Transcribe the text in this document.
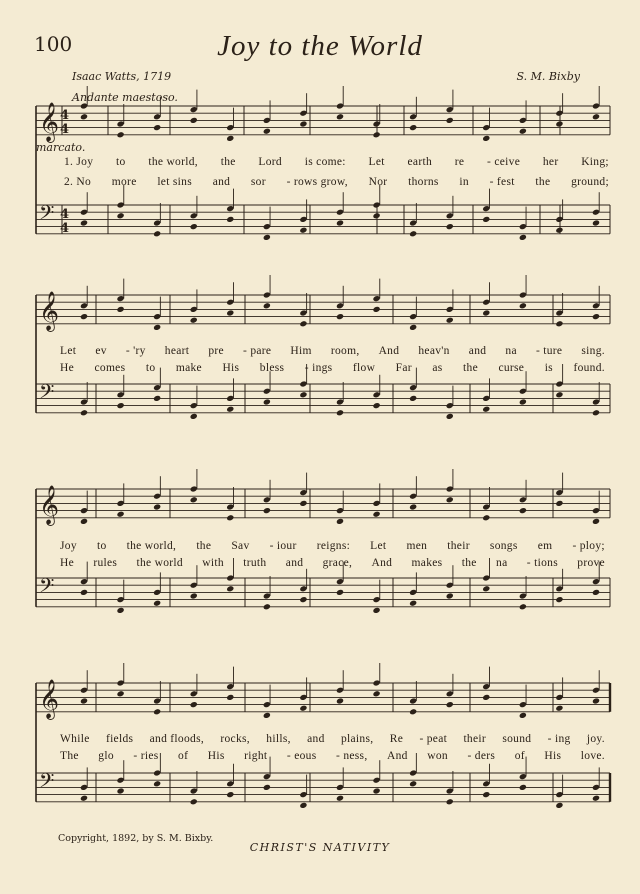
100	Joy to the World
Isaac Watts, 1719	S. M. Bixby
Andante maestoso.
marcato.
𝄞 4
4
𝄢 4
4
𝄞
𝄢
𝄞
𝄢
𝄞
𝄢
1. Joy to the world, the Lord is come: Let earth re - ceive her King;
2. No more let sins and sor - rows grow, Nor thorns in - fest the ground;
Let ev - 'ry heart pre - pare Him room, And heav'n and na - ture sing.
He comes to make His bless - ings flow Far as the curse is found.
Joy to the world, the Sav - iour reigns: Let men their songs em - ploy;
He rules the world with truth and grace, And makes the na - tions prove
While fields and floods, rocks, hills, and plains, Re - peat their sound - ing joy.
The glo - ries of His right - eous - ness, And won - ders of His love.
Copyright, 1892, by S. M. Bixby.
CHRIST'S NATIVITY
